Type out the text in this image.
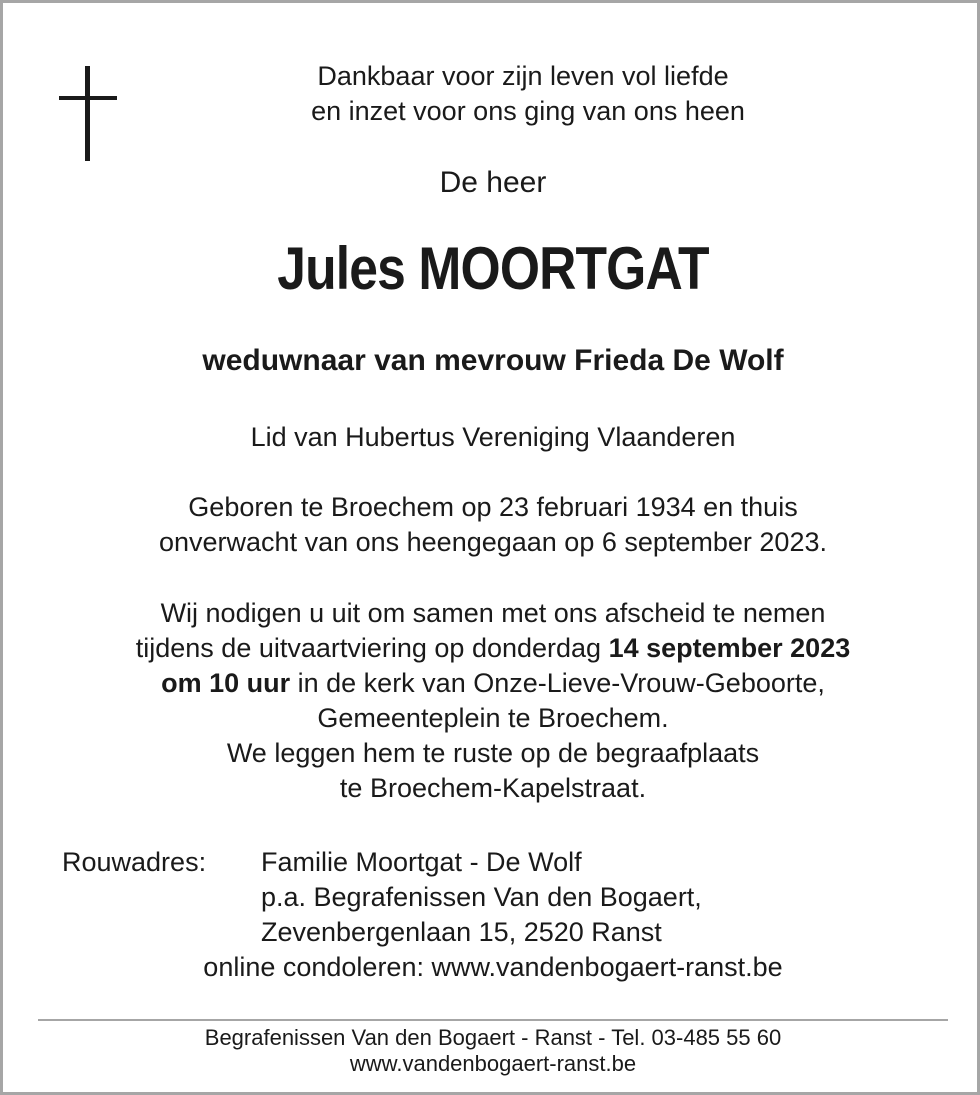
Dankbaar voor zijn leven vol liefde
en inzet voor ons ging van ons heen
De heer
Jules MOORTGAT
weduwnaar van mevrouw Frieda De Wolf
Lid van Hubertus Vereniging Vlaanderen
Geboren te Broechem op 23 februari 1934 en thuis
onverwacht van ons heengegaan op 6 september 2023.
Wij nodigen u uit om samen met ons afscheid te nemen
tijdens de uitvaartviering op donderdag 14 september 2023
om 10 uur in de kerk van Onze-Lieve-Vrouw-Geboorte,
Gemeenteplein te Broechem.
We leggen hem te ruste op de begraafplaats
te Broechem-Kapelstraat.
Rouwadres: Familie Moortgat - De Wolf
p.a. Begrafenissen Van den Bogaert,
Zevenbergenlaan 15, 2520 Ranst
online condoleren: www.vandenbogaert-ranst.be
Begrafenissen Van den Bogaert - Ranst - Tel. 03-485 55 60
www.vandenbogaert-ranst.be
